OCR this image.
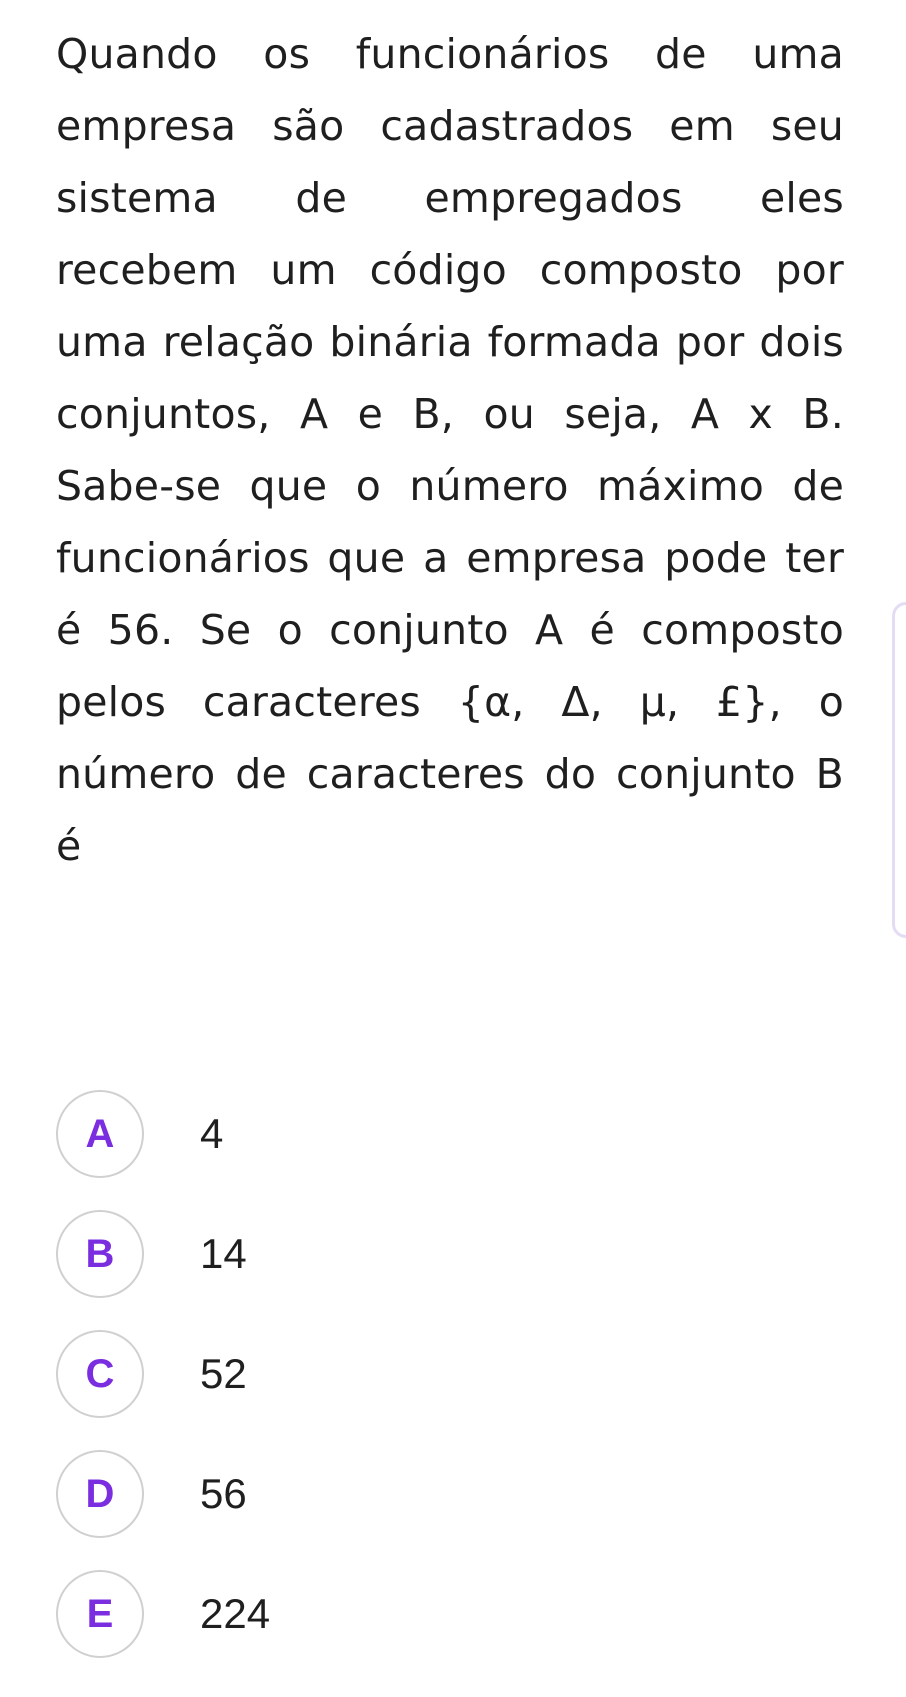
Quando os funcionários de uma empresa são cadastrados em seu sistema de empregados eles recebem um código composto por uma relação binária formada por dois conjuntos, A e B, ou seja, A x B. Sabe-se que o número máximo de funcionários que a empresa pode ter é 56. Se o conjunto A é composto pelos caracteres {α, Δ, μ, £}, o número de caracteres do conjunto B é

A	4
B	14
C	52
D	56
E	224
